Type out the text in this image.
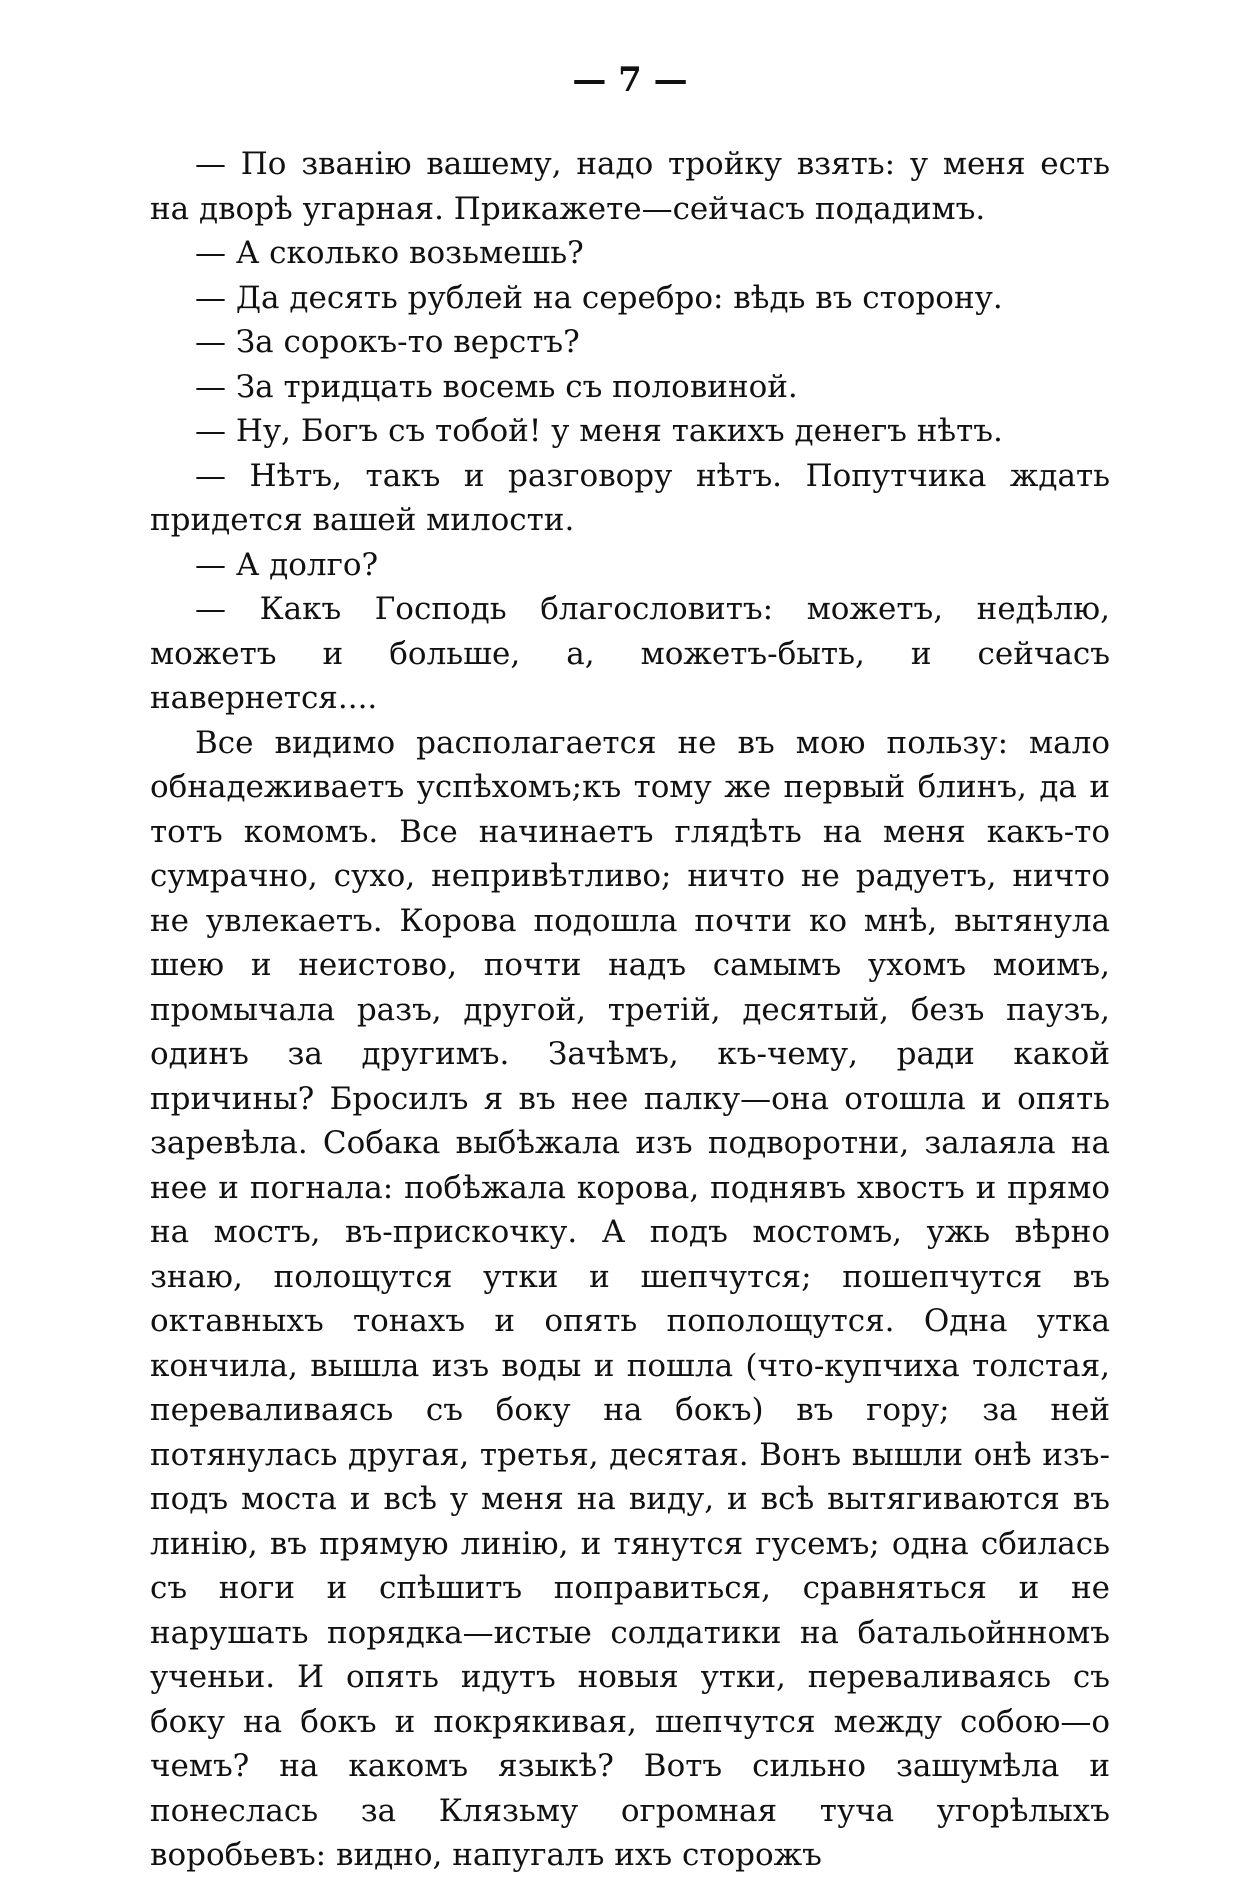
— 7 —

— По званію вашему, надо тройку взять: у меня есть на дворѣ угарная. Прикажете—сейчасъ подадимъ.

— А сколько возьмешь?

— Да десять рублей на серебро: вѣдь въ сторону.

— За сорокъ-то верстъ?

— За тридцать восемь съ половиной.

— Ну, Богъ съ тобой! у меня такихъ денегъ нѣтъ.

— Нѣтъ, такъ и разговору нѣтъ. Попутчика ждать придется вашей милости.

— А долго?

— Какъ Господь благословитъ: можетъ, недѣлю, можетъ и больше, а, можетъ-быть, и сейчасъ навернется....

Все видимо располагается не въ мою пользу: мало обнадеживаетъ успѣхомъ;къ тому же первый блинъ, да и тотъ комомъ. Все начинаетъ глядѣть на меня какъ-то сумрачно, сухо, непривѣтливо; ничто не радуетъ, ничто не увлекаетъ. Корова подошла почти ко мнѣ, вытянула шею и неистово, почти надъ самымъ ухомъ моимъ, промычала разъ, другой, третій, десятый, безъ паузъ, одинъ за другимъ. Зачѣмъ, къ-чему, ради какой причины? Бросилъ я въ нее палку—она отошла и опять заревѣла. Собака выбѣжала изъ подворотни, залаяла на нее и погнала: побѣжала корова, поднявъ хвостъ и прямо на мостъ, въ-прискочку. А подъ мостомъ, ужь вѣрно знаю, полощутся утки и шепчутся; пошепчутся въ октавныхъ тонахъ и опять пополощутся. Одна утка кончила, вышла изъ воды и пошла (что-купчиха толстая, переваливаясь съ боку на бокъ) въ гору; за ней потянулась другая, третья, десятая. Вонъ вышли онѣ изъ-подъ моста и всѣ у меня на виду, и всѣ вытягиваются въ линію, въ прямую линію, и тянутся гусемъ; одна сбилась съ ноги и спѣшитъ поправиться, сравняться и не нарушать порядка—истые солдатики на батальойнномъ ученьи. И опять идутъ новыя утки, переваливаясь съ боку на бокъ и покрякивая, шепчутся между собою—о чемъ? на какомъ языкѣ? Вотъ сильно зашумѣла и понеслась за Клязьму огромная туча угорѣлыхъ воробьевъ: видно, напугалъ ихъ сторожъ
